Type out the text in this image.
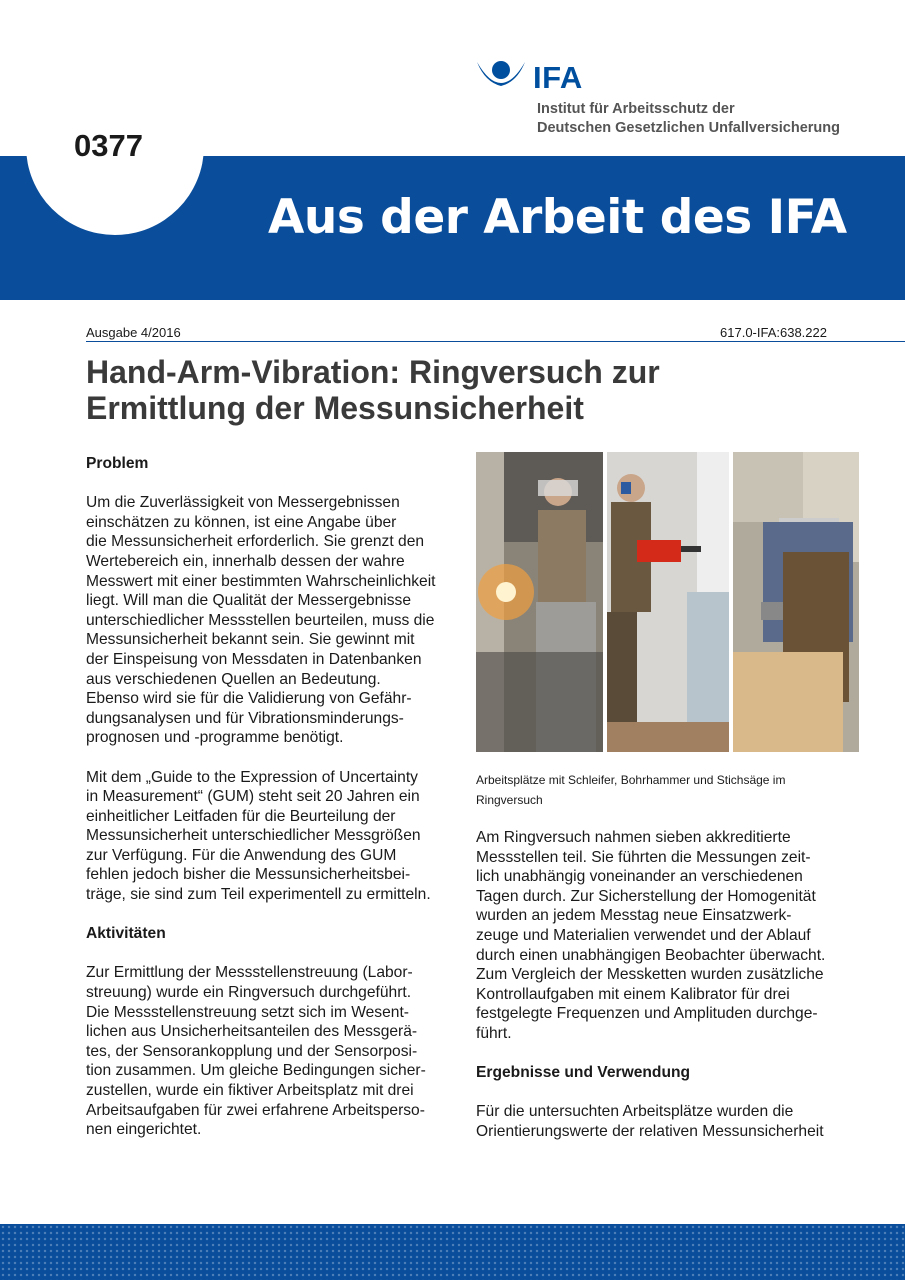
IFA
Institut für Arbeitsschutz der
Deutschen Gesetzlichen Unfallversicherung
0377
Aus der Arbeit des IFA
Ausgabe 4/2016	617.0-IFA:638.222
Hand-Arm-Vibration: Ringversuch zur
Ermittlung der Messunsicherheit
Problem

Um die Zuverlässigkeit von Messergebnissen
einschätzen zu können, ist eine Angabe über
die Messunsicherheit erforderlich. Sie grenzt den
Wertebereich ein, innerhalb dessen der wahre
Messwert mit einer bestimmten Wahrscheinlichkeit
liegt. Will man die Qualität der Messergebnisse
unterschiedlicher Messstellen beurteilen, muss die
Messunsicherheit bekannt sein. Sie gewinnt mit
der Einspeisung von Messdaten in Datenbanken
aus verschiedenen Quellen an Bedeutung.
Ebenso wird sie für die Validierung von Gefähr-
dungsanalysen und für Vibrationsminderungs-
prognosen und -programme benötigt.

Mit dem „Guide to the Expression of Uncertainty
in Measurement“ (GUM) steht seit 20 Jahren ein
einheitlicher Leitfaden für die Beurteilung der
Messunsicherheit unterschiedlicher Messgrößen
zur Verfügung. Für die Anwendung des GUM
fehlen jedoch bisher die Messunsicherheitsbei-
träge, sie sind zum Teil experimentell zu ermitteln.

Aktivitäten

Zur Ermittlung der Messstellenstreuung (Labor-
streuung) wurde ein Ringversuch durchgeführt.
Die Messstellenstreuung setzt sich im Wesent-
lichen aus Unsicherheitsanteilen des Messgerä-
tes, der Sensorankopplung und der Sensorposi-
tion zusammen. Um gleiche Bedingungen sicher-
zustellen, wurde ein fiktiver Arbeitsplatz mit drei
Arbeitsaufgaben für zwei erfahrene Arbeitsperso-
nen eingerichtet.

Arbeitsplätze mit Schleifer, Bohrhammer und Stichsäge im
Ringversuch

Am Ringversuch nahmen sieben akkreditierte
Messstellen teil. Sie führten die Messungen zeit-
lich unabhängig voneinander an verschiedenen
Tagen durch. Zur Sicherstellung der Homogenität
wurden an jedem Messtag neue Einsatzwerk-
zeuge und Materialien verwendet und der Ablauf
durch einen unabhängigen Beobachter überwacht.
Zum Vergleich der Messketten wurden zusätzliche
Kontrollaufgaben mit einem Kalibrator für drei
festgelegte Frequenzen und Amplituden durchge-
führt.

Ergebnisse und Verwendung

Für die untersuchten Arbeitsplätze wurden die
Orientierungswerte der relativen Messunsicherheit
